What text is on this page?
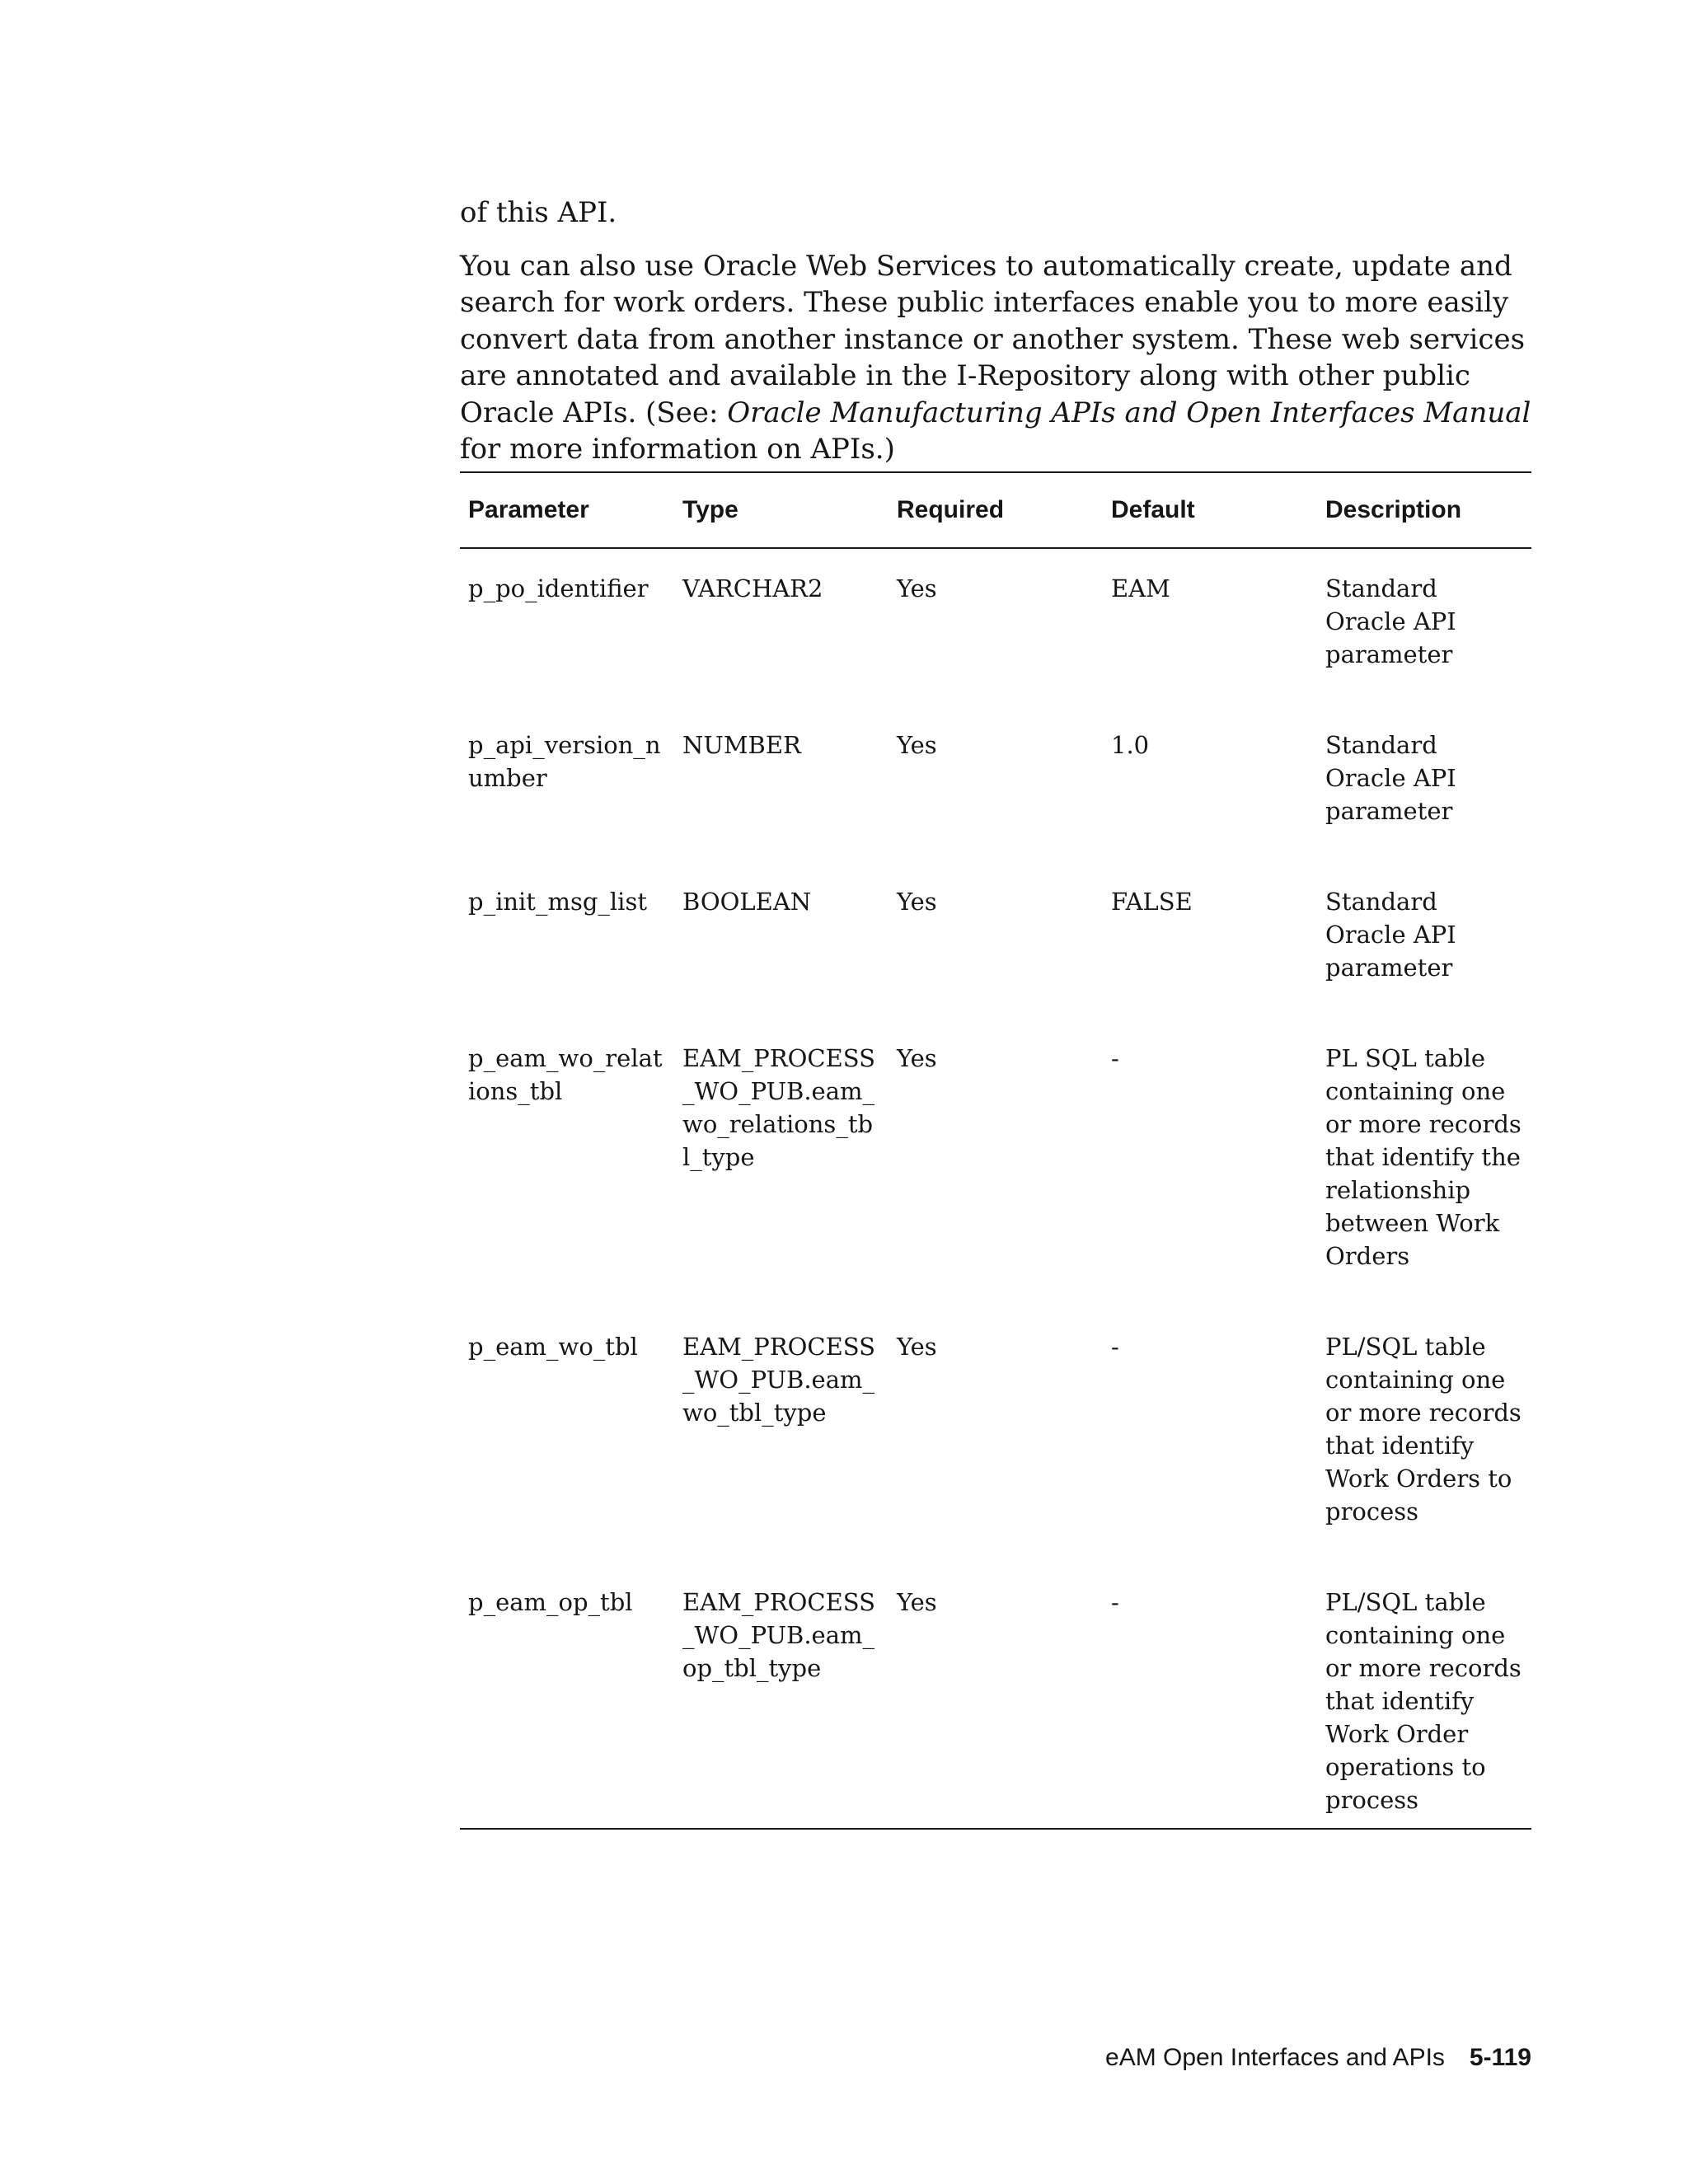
of this API.

You can also use Oracle Web Services to automatically create, update and search for work orders. These public interfaces enable you to more easily convert data from another instance or another system. These web services are annotated and available in the I-Repository along with other public Oracle APIs. (See: Oracle Manufacturing APIs and Open Interfaces Manual for more information on APIs.)

Parameter	Type	Required	Default	Description
p_po_identifier	VARCHAR2	Yes	EAM	Standard Oracle API parameter
p_api_version_number	NUMBER	Yes	1.0	Standard Oracle API parameter
p_init_msg_list	BOOLEAN	Yes	FALSE	Standard Oracle API parameter
p_eam_wo_relations_tbl	EAM_PROCESS_WO_PUB.eam_wo_relations_tbl_type	Yes	-	PL SQL table containing one or more records that identify the relationship between Work Orders
p_eam_wo_tbl	EAM_PROCESS_WO_PUB.eam_wo_tbl_type	Yes	-	PL/SQL table containing one or more records that identify Work Orders to process
p_eam_op_tbl	EAM_PROCESS_WO_PUB.eam_op_tbl_type	Yes	-	PL/SQL table containing one or more records that identify Work Order operations to process
eAM Open Interfaces and APIs 5-119
